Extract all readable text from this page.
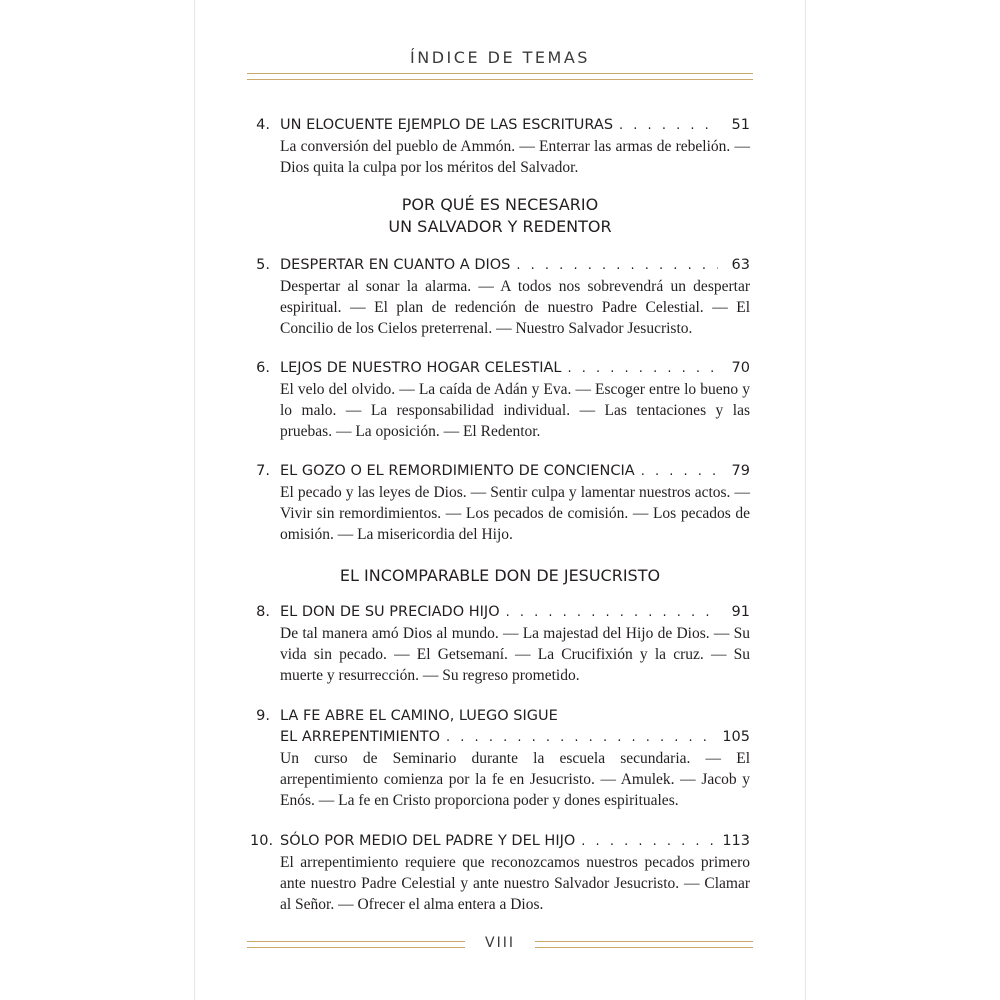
ÍNDICE DE TEMAS
4. UN ELOCUENTE EJEMPLO DE LAS ESCRITURAS . . .	51
La conversión del pueblo de Ammón. — Enterrar las armas de rebelión. — Dios quita la culpa por los méritos del Salvador.
POR QUÉ ES NECESARIO
UN SALVADOR Y REDENTOR
5. DESPERTAR EN CUANTO A DIOS . . .	63
Despertar al sonar la alarma. — A todos nos sobrevendrá un despertar espiritual. — El plan de redención de nuestro Padre Celestial. — El Concilio de los Cielos preterrenal. — Nuestro Salvador Jesucristo.
6. LEJOS DE NUESTRO HOGAR CELESTIAL . . .	70
El velo del olvido. — La caída de Adán y Eva. — Escoger entre lo bueno y lo malo. — La responsabilidad individual. — Las tentaciones y las pruebas. — La oposición. — El Redentor.
7. EL GOZO O EL REMORDIMIENTO DE CONCIENCIA . . .	79
El pecado y las leyes de Dios. — Sentir culpa y lamentar nuestros actos. — Vivir sin remordimientos. — Los pecados de comisión. — Los pecados de omisión. — La misericordia del Hijo.
EL INCOMPARABLE DON DE JESUCRISTO
8. EL DON DE SU PRECIADO HIJO . . .	91
De tal manera amó Dios al mundo. — La majestad del Hijo de Dios. — Su vida sin pecado. — El Getsemaní. — La Crucifixión y la cruz. — Su muerte y resurrección. — Su regreso prometido.
9. LA FE ABRE EL CAMINO, LUEGO SIGUE
EL ARREPENTIMIENTO . . .	105
Un curso de Seminario durante la escuela secundaria. — El arrepentimiento comienza por la fe en Jesucristo. — Amulek. — Jacob y Enós. — La fe en Cristo proporciona poder y dones espirituales.
10. SÓLO POR MEDIO DEL PADRE Y DEL HIJO . . .	113
El arrepentimiento requiere que reconozcamos nuestros pecados primero ante nuestro Padre Celestial y ante nuestro Salvador Jesucristo. — Clamar al Señor. — Ofrecer el alma entera a Dios.
VIII
